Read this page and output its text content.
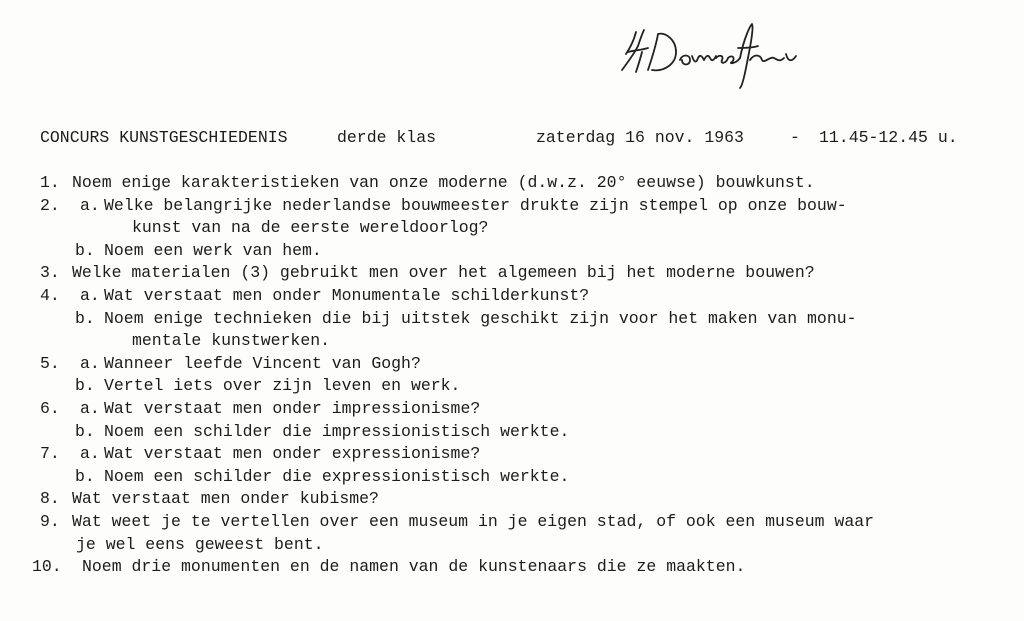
CONCURS KUNSTGESCHIEDENIS	derde klas	zaterdag 16 nov. 1963	- 11.45-12.45 u.
1. Noem enige karakteristieken van onze moderne (d.w.z. 20° eeuwse) bouwkunst.
2. a. Welke belangrijke nederlandse bouwmeester drukte zijn stempel op onze bouw-
kunst van na de eerste wereldoorlog?
b. Noem een werk van hem.
3. Welke materialen (3) gebruikt men over het algemeen bij het moderne bouwen?
4. a. Wat verstaat men onder Monumentale schilderkunst?
b. Noem enige technieken die bij uitstek geschikt zijn voor het maken van monu-
mentale kunstwerken.
5. a. Wanneer leefde Vincent van Gogh?
b. Vertel iets over zijn leven en werk.
6. a. Wat verstaat men onder impressionisme?
b. Noem een schilder die impressionistisch werkte.
7. a. Wat verstaat men onder expressionisme?
b. Noem een schilder die expressionistisch werkte.
8. Wat verstaat men onder kubisme?
9. Wat weet je te vertellen over een museum in je eigen stad, of ook een museum waar
je wel eens geweest bent.
10. Noem drie monumenten en de namen van de kunstenaars die ze maakten.
